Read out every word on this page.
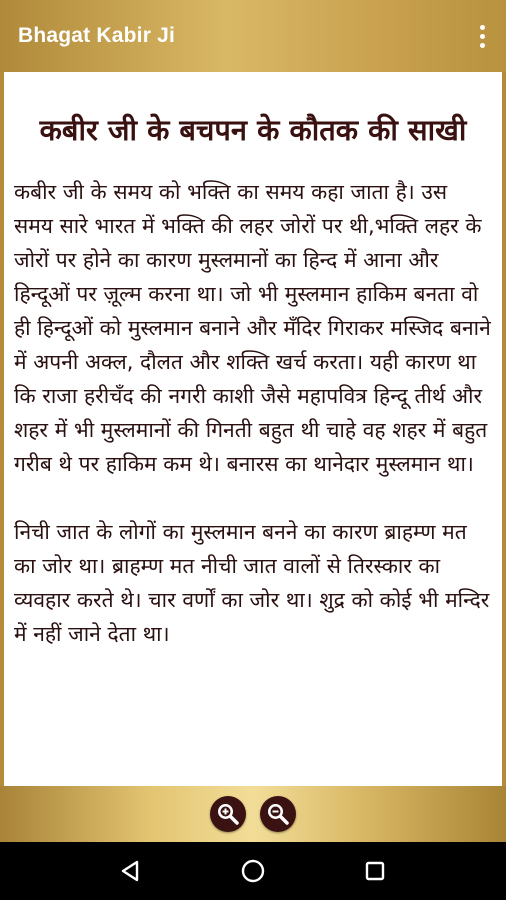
Bhagat Kabir Ji
कबीर जी के बचपन के कौतक की साखी

कबीर जी के समय को भक्ति का समय कहा जाता है। उस समय सारे भारत में भक्ति की लहर जोरों पर थी,भक्ति लहर के जोरों पर होने का कारण मुस्लमानों का हिन्द में आना और हिन्दूओं पर ज़ूल्म करना था। जो भी मुस्लमान हाकिम बनता वो ही हिन्दूओं को मुस्लमान बनाने और मँदिर गिराकर मस्जिद बनाने में अपनी अक्ल, दौलत और शक्ति खर्च करता। यही कारण था कि राजा हरीचँद की नगरी काशी जैसे महापवित्र हिन्दू तीर्थ और शहर में भी मुस्लमानों की गिनती बहुत थी चाहे वह शहर में बहुत गरीब थे पर हाकिम कम थे। बनारस का थानेदार मुस्लमान था।

निची जात के लोगों का मुस्लमान बनने का कारण ब्राहम्ण मत का जोर था। ब्राहम्ण मत नीची जात वालों से तिरस्कार का व्यवहार करते थे। चार वर्णों का जोर था। शुद्र को कोई भी मन्दिर में नहीं जाने देता था।
